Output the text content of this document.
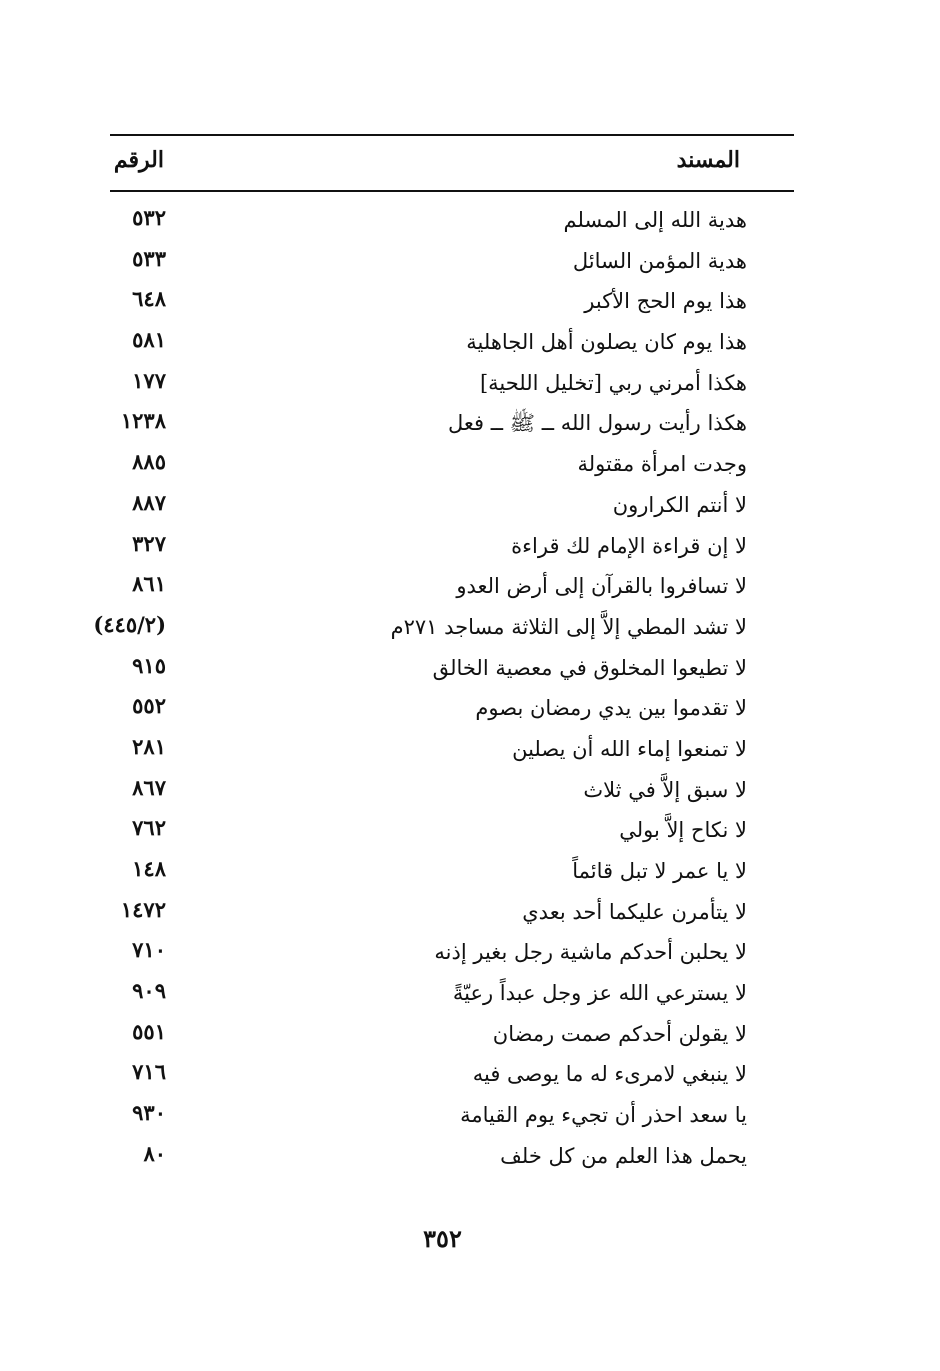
المسند
الرقم
هدية الله إلى المسلم
٥٣٢
هدية المؤمن السائل
٥٣٣
هذا يوم الحج الأكبر
٦٤٨
هذا يوم كان يصلون أهل الجاهلية
٥٨١
هكذا أمرني ربي [تخليل اللحية]
١٧٧
هكذا رأيت رسول الله ــ ﷺ ــ فعل
١٢٣٨
وجدت امرأة مقتولة
٨٨٥
لا أنتم الكرارون
٨٨٧
لا إن قراءة الإمام لك قراءة
٣٢٧
لا تسافروا بالقرآن إلى أرض العدو
٨٦١
لا تشد المطي إلاَّ إلى الثلاثة مساجد ٢٧١م
(٤٤٥/٢)
لا تطيعوا المخلوق في معصية الخالق
٩١٥
لا تقدموا بين يدي رمضان بصوم
٥٥٢
لا تمنعوا إماء الله أن يصلين
٢٨١
لا سبق إلاَّ في ثلاث
٨٦٧
لا نكاح إلاَّ بولي
٧٦٢
لا يا عمر لا تبل قائماً
١٤٨
لا يتأمرن عليكما أحد بعدي
١٤٧٢
لا يحلبن أحدكم ماشية رجل بغير إذنه
٧١٠
لا يسترعي الله عز وجل عبداً رعيّةً
٩٠٩
لا يقولن أحدكم صمت رمضان
٥٥١
لا ينبغي لامرىء له ما يوصى فيه
٧١٦
يا سعد احذر أن تجيء يوم القيامة
٩٣٠
يحمل هذا العلم من كل خلف
٨٠
٣٥٢
